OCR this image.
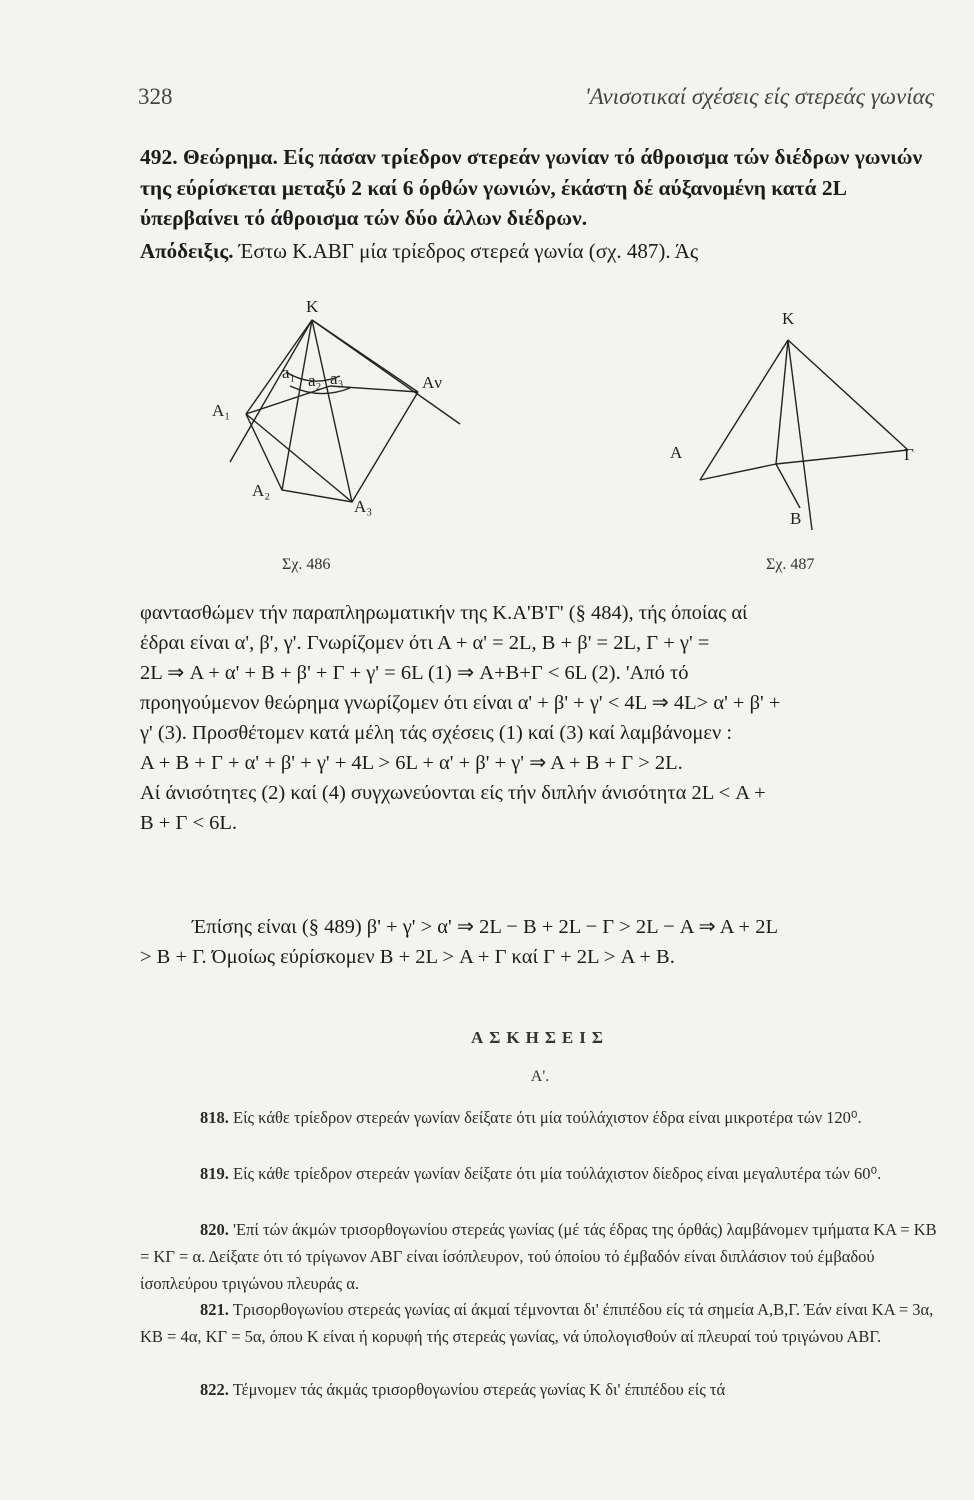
328	'Ανισοτικαί σχέσεις είς στερεάς γωνίας
492. Θεώρημα. Είς πάσαν τρίεδρον στερεάν γωνίαν τό άθροισμα τών διέδρων γωνιών της εύρίσκεται μεταξύ 2 καί 6 όρθών γωνιών, έκάστη δέ αύξανομένη κατά 2L ύπερβαίνει τό άθροισμα τών δύο άλλων διέδρων.
Απόδειξις. Έστω Κ.ΑΒΓ μία τρίεδρος στερεά γωνία (σχ. 487). Άς
K
A₁
A₂
A₃
Aν
a₁ a₂ a₃
Σχ. 486
K
A
B
Γ
Σχ. 487
φαντασθώμεν τήν παραπληρωματικήν της Κ.Α'Β'Γ' (§ 484), τής όποίας αί
έδραι είναι α', β', γ'. Γνωρίζομεν ότι Α + α' = 2L, Β + β' = 2L, Γ + γ' =
2L ⇒ Α + α' + Β + β' + Γ + γ' = 6L (1) ⇒ Α+Β+Γ < 6L (2). 'Από τό
προηγούμενον θεώρημα γνωρίζομεν ότι είναι α' + β' + γ' < 4L ⇒ 4L> α' + β' +
γ' (3). Προσθέτομεν κατά μέλη τάς σχέσεις (1) καί (3) καί λαμβάνομεν :
Α + Β + Γ + α' + β' + γ' + 4L > 6L + α' + β' + γ' ⇒ Α + Β + Γ > 2L.
Αί άνισότητες (2) καί (4) συγχωνεύονται είς τήν διπλήν άνισότητα 2L < Α +
Β + Γ < 6L.
Έπίσης είναι (§ 489) β' + γ' > α' ⇒ 2L − Β + 2L − Γ > 2L − Α ⇒ Α + 2L
> Β + Γ. Όμοίως εύρίσκομεν Β + 2L > Α + Γ καί Γ + 2L > Α + Β.
ΑΣΚΗΣΕΙΣ
Α'.
818. Είς κάθε τρίεδρον στερεάν γωνίαν δείξατε ότι μία τούλάχιστον έδρα είναι μικροτέρα τών 120⁰.
819. Είς κάθε τρίεδρον στερεάν γωνίαν δείξατε ότι μία τούλάχιστον δίεδρος είναι μεγαλυτέρα τών 60⁰.
820. 'Επί τών άκμών τρισορθογωνίου στερεάς γωνίας (μέ τάς έδρας της όρθάς) λαμβάνομεν τμήματα ΚΑ = ΚΒ = ΚΓ = α. Δείξατε ότι τό τρίγωνον ΑΒΓ είναι ίσόπλευρον, τού όποίου τό έμβαδόν είναι διπλάσιον τού έμβαδού ίσοπλεύρου τριγώνου πλευράς α.
821. Τρισορθογωνίου στερεάς γωνίας αί άκμαί τέμνονται δι' έπιπέδου είς τά σημεία Α,Β,Γ. Έάν είναι ΚΑ = 3α, ΚΒ = 4α, ΚΓ = 5α, όπου Κ είναι ή κορυφή τής στερεάς γωνίας, νά ύπολογισθούν αί πλευραί τού τριγώνου ΑΒΓ.
822. Τέμνομεν τάς άκμάς τρισορθογωνίου στερεάς γωνίας Κ δι' έπιπέδου είς τά
